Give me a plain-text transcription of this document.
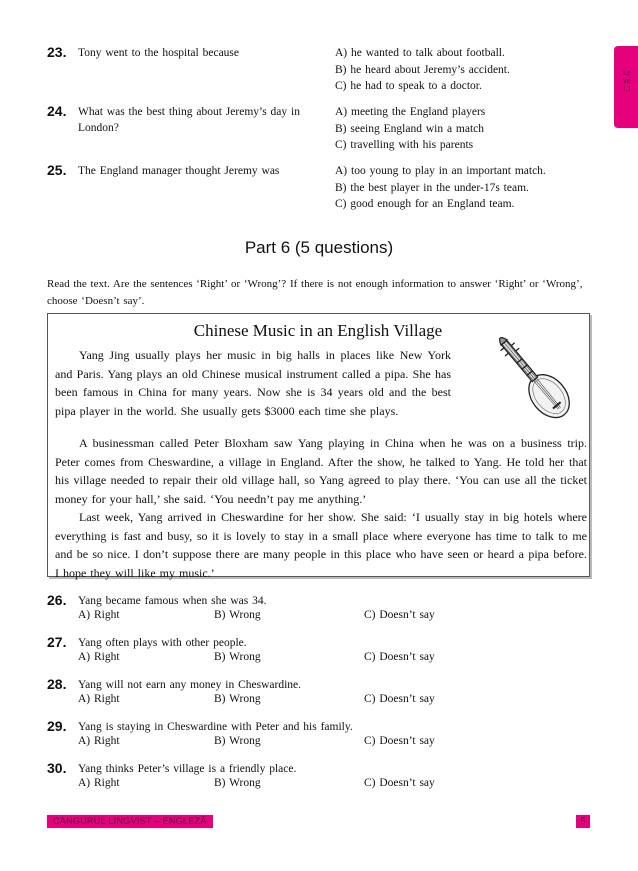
Level J
23. Tony went to the hospital because	A) he wanted to talk about football.
B) he heard about Jeremy’s accident.
C) he had to speak to a doctor.
24. What was the best thing about Jeremy’s day in London?
A) meeting the England players
B) seeing England win a match
C) travelling with his parents
25. The England manager thought Jeremy was	A) too young to play in an important match.
B) the best player in the under-17s team.
C) good enough for an England team.
Part 6 (5 questions)
Read the text. Are the sentences ‘Right’ or ‘Wrong’? If there is not enough information to answer ‘Right’ or ‘Wrong’, choose ‘Doesn’t say’.
Chinese Music in an English Village

Yang Jing usually plays her music in big halls in places like New York and Paris. Yang plays an old Chinese musical instrument called a pipa. She has been famous in China for many years. Now she is 34 years old and the best pipa player in the world. She usually gets $3000 each time she plays.

A businessman called Peter Bloxham saw Yang playing in China when he was on a business trip. Peter comes from Cheswardine, a village in England. After the show, he talked to Yang. He told her that his village needed to repair their old village hall, so Yang agreed to play there. ‘You can use all the ticket money for your hall,’ she said. ‘You needn’t pay me anything.’

Last week, Yang arrived in Cheswardine for her show. She said: ‘I usually stay in big hotels where everything is fast and busy, so it is lovely to stay in a small place where everyone has time to talk to me and be so nice. I don’t suppose there are many people in this place who have seen or heard a pipa before. I hope they will like my music.’

26. Yang became famous when she was 34.
A) Right	B) Wrong	C) Doesn’t say
27. Yang often plays with other people.
A) Right	B) Wrong	C) Doesn’t say
28. Yang will not earn any money in Cheswardine.
A) Right	B) Wrong	C) Doesn’t say
29. Yang is staying in Cheswardine with Peter and his family.
A) Right	B) Wrong	C) Doesn’t say
30. Yang thinks Peter’s village is a friendly place.
A) Right	B) Wrong	C) Doesn’t say
CANGURUL LINGVIST – ENGLEZĂ	5
